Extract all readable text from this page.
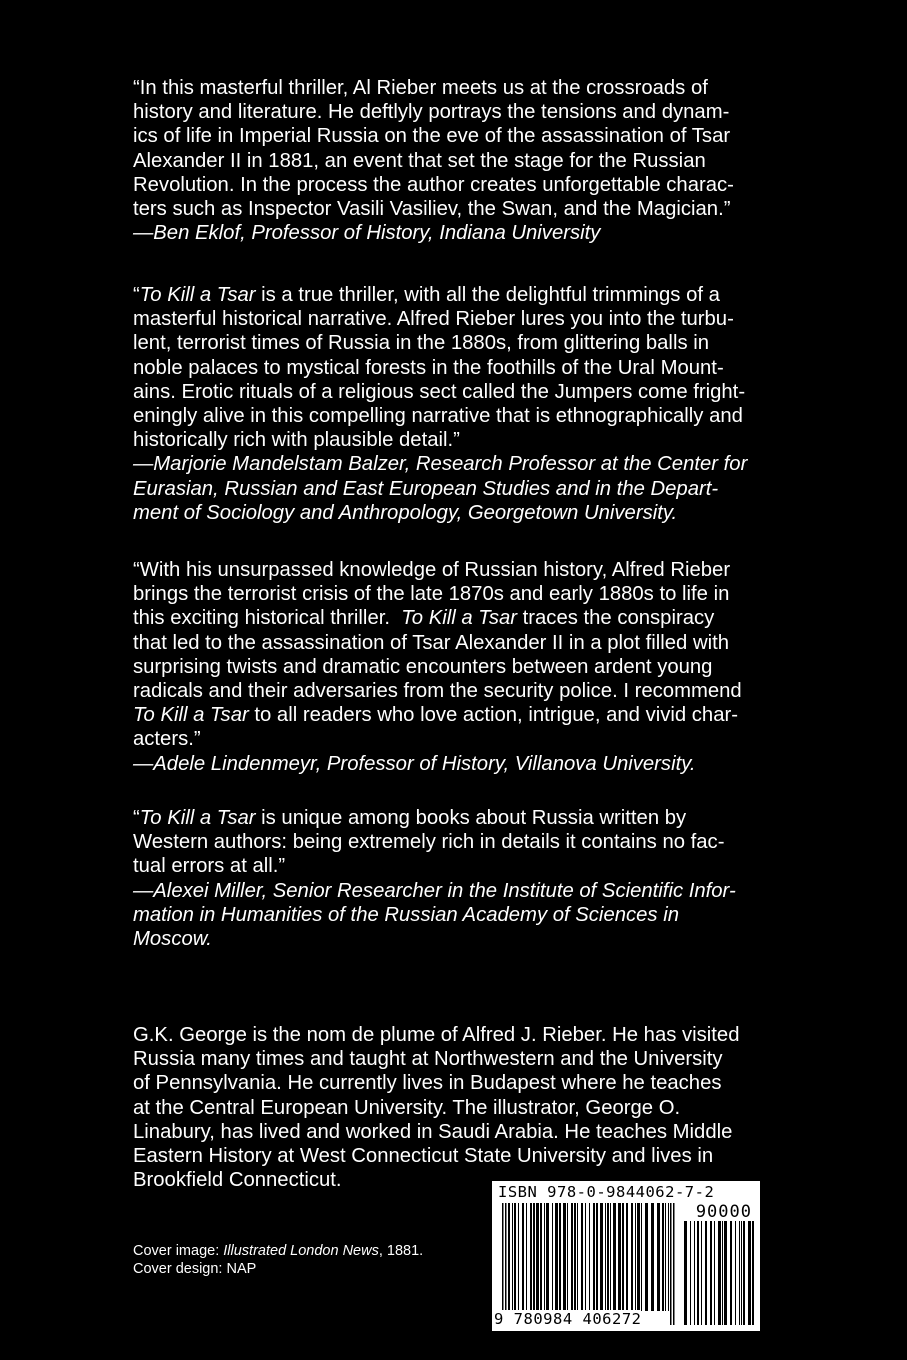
“In this masterful thriller, Al Rieber meets us at the crossroads of

history and literature. He deftlyly portrays the tensions and dynam-

ics of life in Imperial Russia on the eve of the assassination of Tsar

Alexander II in 1881, an event that set the stage for the Russian

Revolution. In the process the author creates unforgettable charac-

ters such as Inspector Vasili Vasiliev, the Swan, and the Magician.”

—Ben Eklof, Professor of History, Indiana University

“To Kill a Tsar is a true thriller, with all the delightful trimmings of a

masterful historical narrative. Alfred Rieber lures you into the turbu-

lent, terrorist times of Russia in the 1880s, from glittering balls in

noble palaces to mystical forests in the foothills of the Ural Mount-

ains. Erotic rituals of a religious sect called the Jumpers come fright-

eningly alive in this compelling narrative that is ethnographically and

historically rich with plausible detail.”

—Marjorie Mandelstam Balzer, Research Professor at the Center for

Eurasian, Russian and East European Studies and in the Depart-

ment of Sociology and Anthropology, Georgetown University.

“With his unsurpassed knowledge of Russian history, Alfred Rieber

brings the terrorist crisis of the late 1870s and early 1880s to life in

this exciting historical thriller.  To Kill a Tsar traces the conspiracy

that led to the assassination of Tsar Alexander II in a plot filled with

surprising twists and dramatic encounters between ardent young

radicals and their adversaries from the security police. I recommend

To Kill a Tsar to all readers who love action, intrigue, and vivid char-

acters.”

—Adele Lindenmeyr, Professor of History, Villanova University.

“To Kill a Tsar is unique among books about Russia written by

Western authors: being extremely rich in details it contains no fac-

tual errors at all.”

—Alexei Miller, Senior Researcher in the Institute of Scientific Infor-

mation in Humanities of the Russian Academy of Sciences in

Moscow.

G.K. George is the nom de plume of Alfred J. Rieber. He has visited

Russia many times and taught at Northwestern and the University

of Pennsylvania. He currently lives in Budapest where he teaches

at the Central European University. The illustrator, George O.

Linabury, has lived and worked in Saudi Arabia. He teaches Middle

Eastern History at West Connecticut State University and lives in

Brookfield Connecticut.

Cover image: Illustrated London News, 1881.
Cover design: NAP
ISBN 978-0-9844062-7-2
90000
9 780984 406272
